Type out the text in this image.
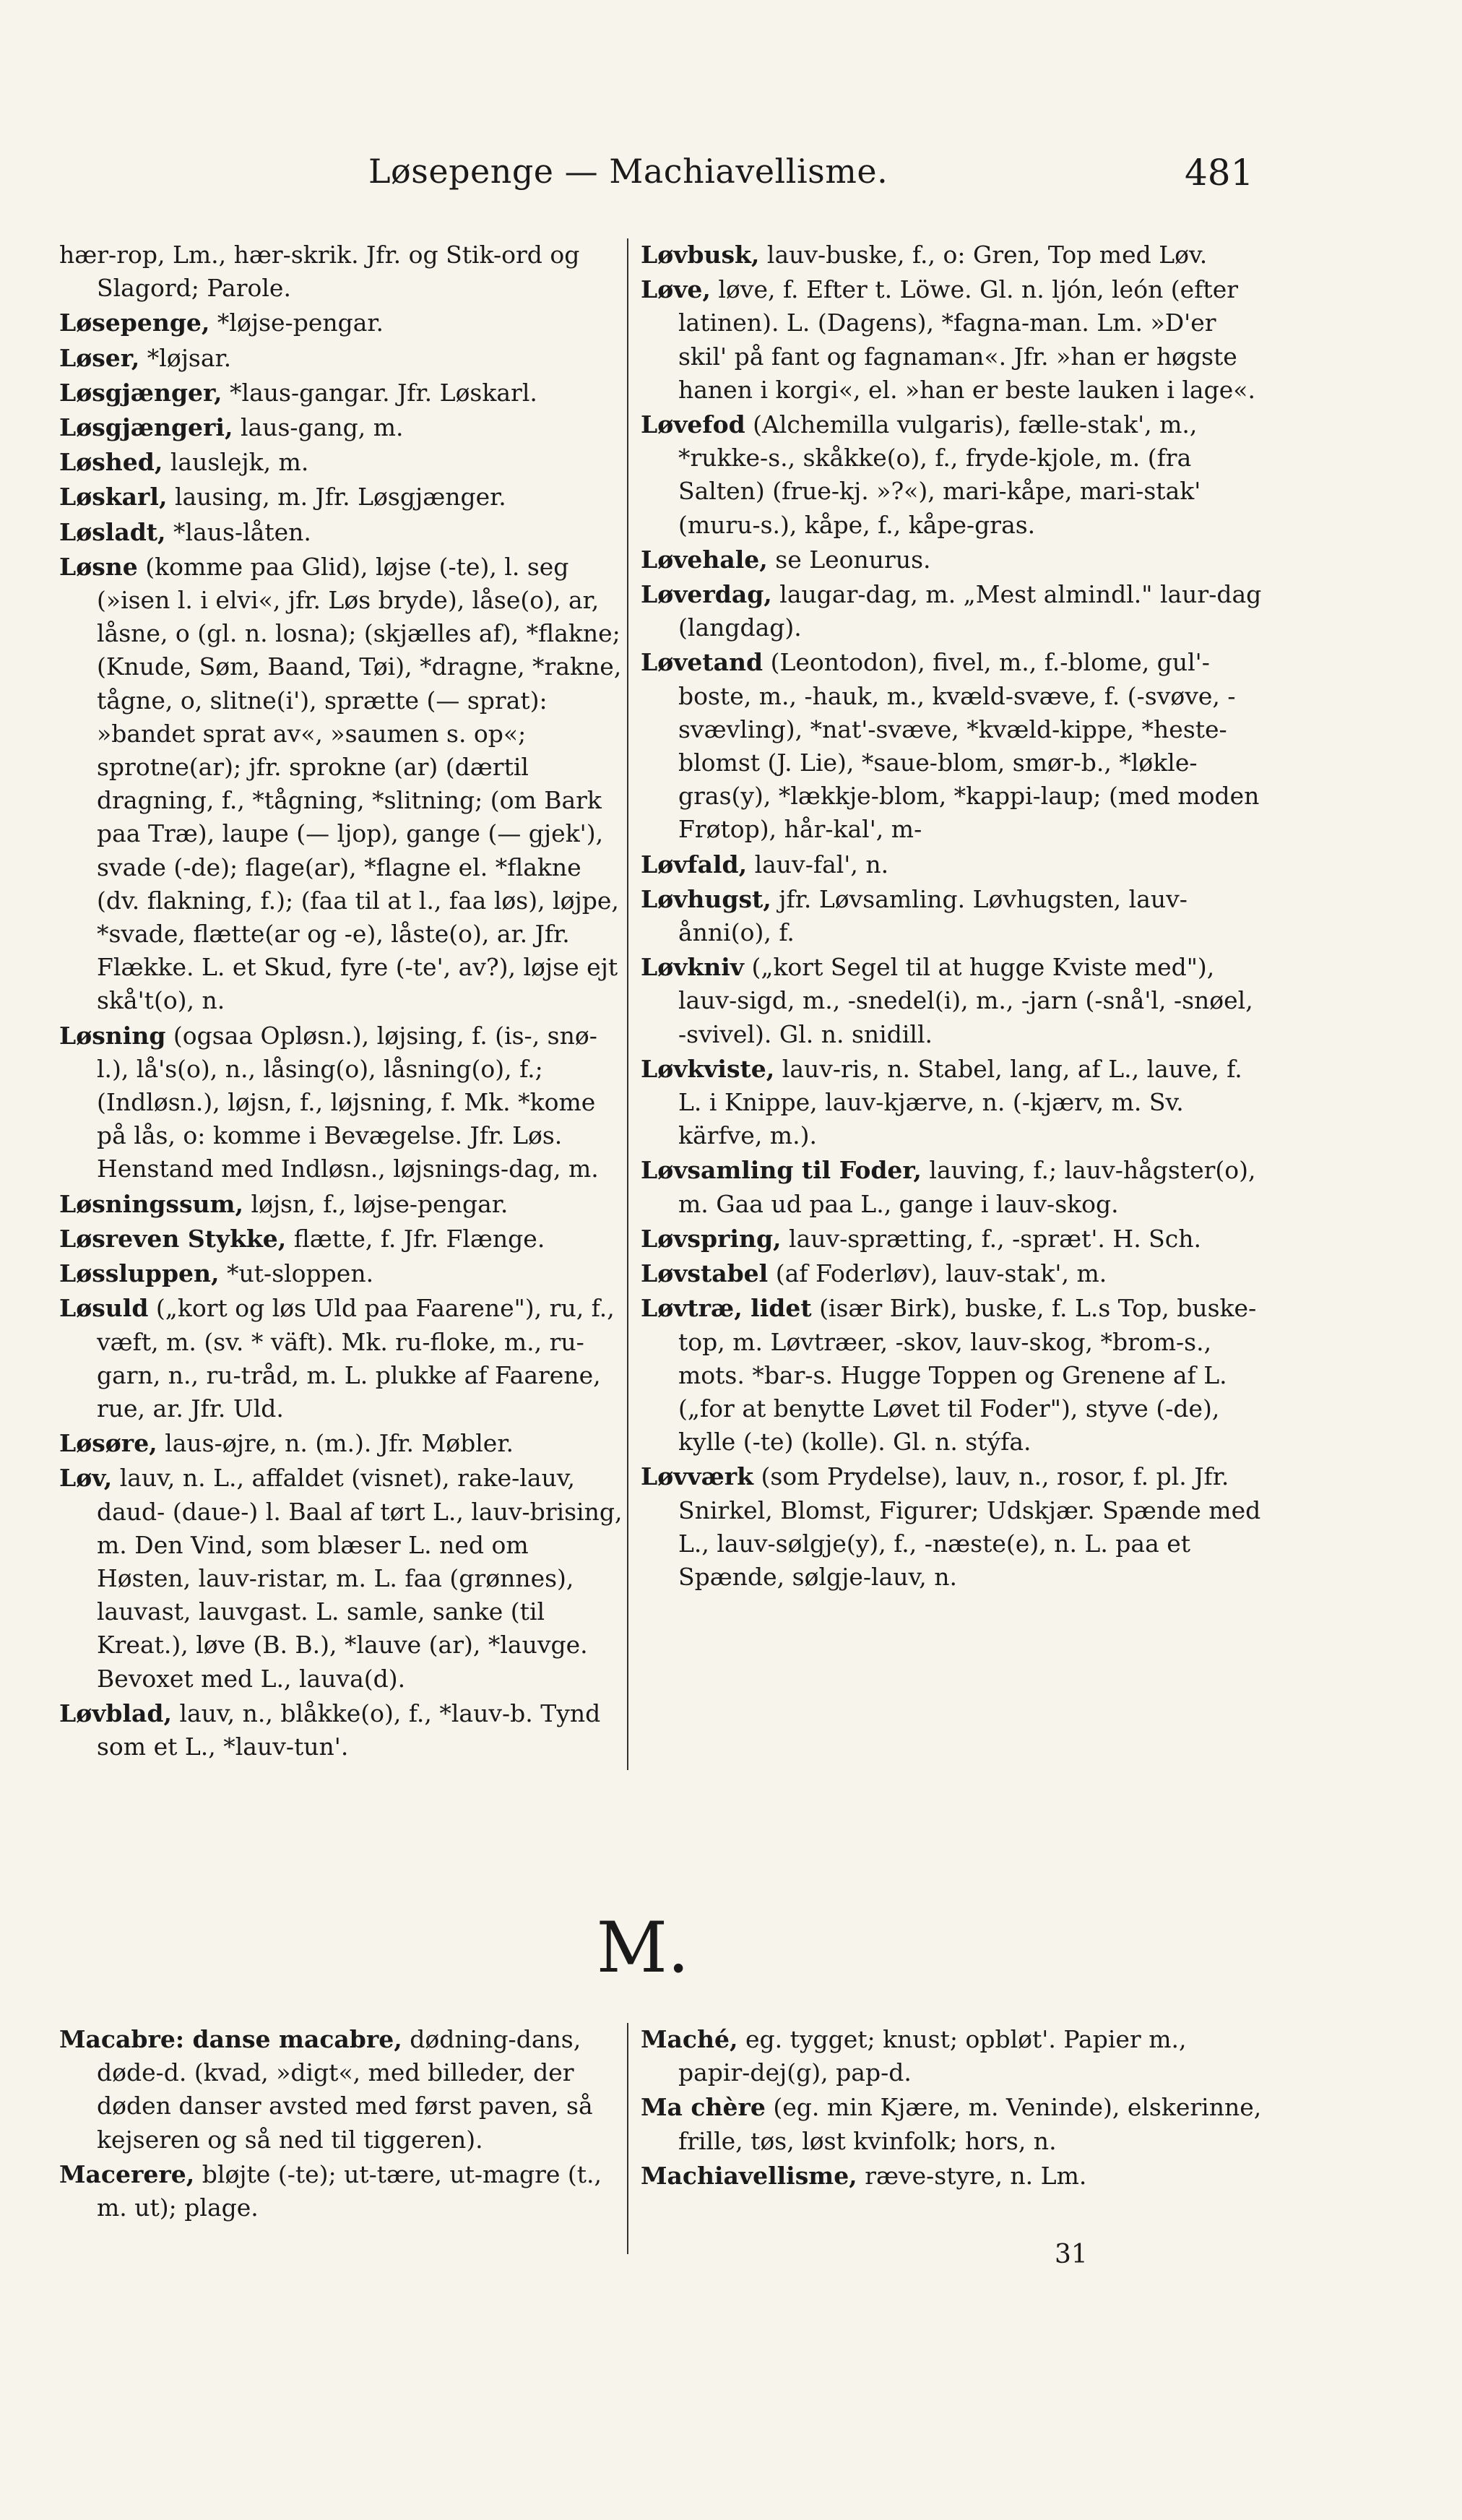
Løsepenge — Machiavellisme.	481
hær-rop, Lm., hær-skrik. Jfr. og Stik-ord og Slagord; Parole.
Løsepenge, *løjse-pengar.
Løser, *løjsar.
Løsgjænger, *laus-gangar. Jfr. Løskarl.
Løsgjængeri, laus-gang, m.
Løshed, lauslejk, m.
Løskarl, lausing, m. Jfr. Løsgjænger.
Løsladt, *laus-låten.
Løsne (komme paa Glid), løjse (-te), l. seg (»isen l. i elvi«, jfr. Løs bryde), låse(o), ar, låsne, o (gl. n. losna); (skjælles af), *flakne; (Knude, Søm, Baand, Tøi), *dragne, *rakne, tågne, o, slitne(i'), sprætte (— sprat): »bandet sprat av«, »saumen s. op«; sprotne(ar); jfr. sprokne (ar) (dærtil dragning, f., *tågning, *slitning; (om Bark paa Træ), laupe (— ljop), gange (— gjek'), svade (-de); flage(ar), *flagne el. *flakne (dv. flakning, f.); (faa til at l., faa løs), løjpe, *svade, flætte(ar og -e), låste(o), ar. Jfr. Flække. L. et Skud, fyre (-te', av?), løjse ejt skå't(o), n.
Løsning (ogsaa Opløsn.), løjsing, f. (is-, snø-l.), lå's(o), n., låsing(o), låsning(o), f.; (Indløsn.), løjsn, f., løjsning, f. Mk. *kome på lås, o: komme i Bevægelse. Jfr. Løs. Henstand med Indløsn., løjsnings-dag, m.
Løsningssum, løjsn, f., løjse-pengar.
Løsreven Stykke, flætte, f. Jfr. Flænge.
Løssluppen, *ut-sloppen.
Løsuld („kort og løs Uld paa Faarene"), ru, f., væft, m. (sv. * väft). Mk. ru-floke, m., ru-garn, n., ru-tråd, m. L. plukke af Faarene, rue, ar. Jfr. Uld.
Løsøre, laus-øjre, n. (m.). Jfr. Møbler.
Løv, lauv, n. L., affaldet (visnet), rake-lauv, daud- (daue-) l. Baal af tørt L., lauv-brising, m. Den Vind, som blæser L. ned om Høsten, lauv-ristar, m. L. faa (grønnes), lauvast, lauvgast. L. samle, sanke (til Kreat.), løve (B. B.), *lauve (ar), *lauvge. Bevoxet med L., lauva(d).
Løvblad, lauv, n., blåkke(o), f., *lauv-b. Tynd som et L., *lauv-tun'.
Løvbusk, lauv-buske, f., o: Gren, Top med Løv.
Løve, løve, f. Efter t. Löwe. Gl. n. ljón, león (efter latinen). L. (Dagens), *fagna-man. Lm. »D'er skil' på fant og fagnaman«. Jfr. »han er høgste hanen i korgi«, el. »han er beste lauken i lage«.
Løvefod (Alchemilla vulgaris), fælle-stak', m., *rukke-s., skåkke(o), f., fryde-kjole, m. (fra Salten) (frue-kj. »?«), mari-kåpe, mari-stak' (muru-s.), kåpe, f., kåpe-gras.
Løvehale, se Leonurus.
Løverdag, laugar-dag, m. „Mest almindl." laur-dag (langdag).
Løvetand (Leontodon), fivel, m., f.-blome, gul'-boste, m., -hauk, m., kvæld-svæve, f. (-svøve, -svævling), *nat'-svæve, *kvæld-kippe, *heste-blomst (J. Lie), *saue-blom, smør-b., *løkle-gras(y), *lækkje-blom, *kappi-laup; (med moden Frøtop), hår-kal', m-
Løvfald, lauv-fal', n.
Løvhugst, jfr. Løvsamling. Løvhugsten, lauv-ånni(o), f.
Løvkniv („kort Segel til at hugge Kviste med"), lauv-sigd, m., -snedel(i), m., -jarn (-snå'l, -snøel, -svivel). Gl. n. snidill.
Løvkviste, lauv-ris, n. Stabel, lang, af L., lauve, f. L. i Knippe, lauv-kjærve, n. (-kjærv, m. Sv. kärfve, m.).
Løvsamling til Foder, lauving, f.; lauv-hågster(o), m. Gaa ud paa L., gange i lauv-skog.
Løvspring, lauv-sprætting, f., -spræt'. H. Sch.
Løvstabel (af Foderløv), lauv-stak', m.
Løvtræ, lidet (især Birk), buske, f. L.s Top, buske-top, m. Løvtræer, -skov, lauv-skog, *brom-s., mots. *bar-s. Hugge Toppen og Grenene af L. („for at benytte Løvet til Foder"), styve (-de), kylle (-te) (kolle). Gl. n. stýfa.
Løvværk (som Prydelse), lauv, n., rosor, f. pl. Jfr. Snirkel, Blomst, Figurer; Udskjær. Spænde med L., lauv-sølgje(y), f., -næste(e), n. L. paa et Spænde, sølgje-lauv, n.
M.
Macabre: danse macabre, dødning-dans, døde-d. (kvad, »digt«, med billeder, der døden danser avsted med først paven, så kejseren og så ned til tiggeren).
Macerere, bløjte (-te); ut-tære, ut-magre (t., m. ut); plage.
Maché, eg. tygget; knust; opbløt'. Papier m., papir-dej(g), pap-d.
Ma chère (eg. min Kjære, m. Veninde), elskerinne, frille, tøs, løst kvinfolk; hors, n.
Machiavellisme, ræve-styre, n. Lm.
31
